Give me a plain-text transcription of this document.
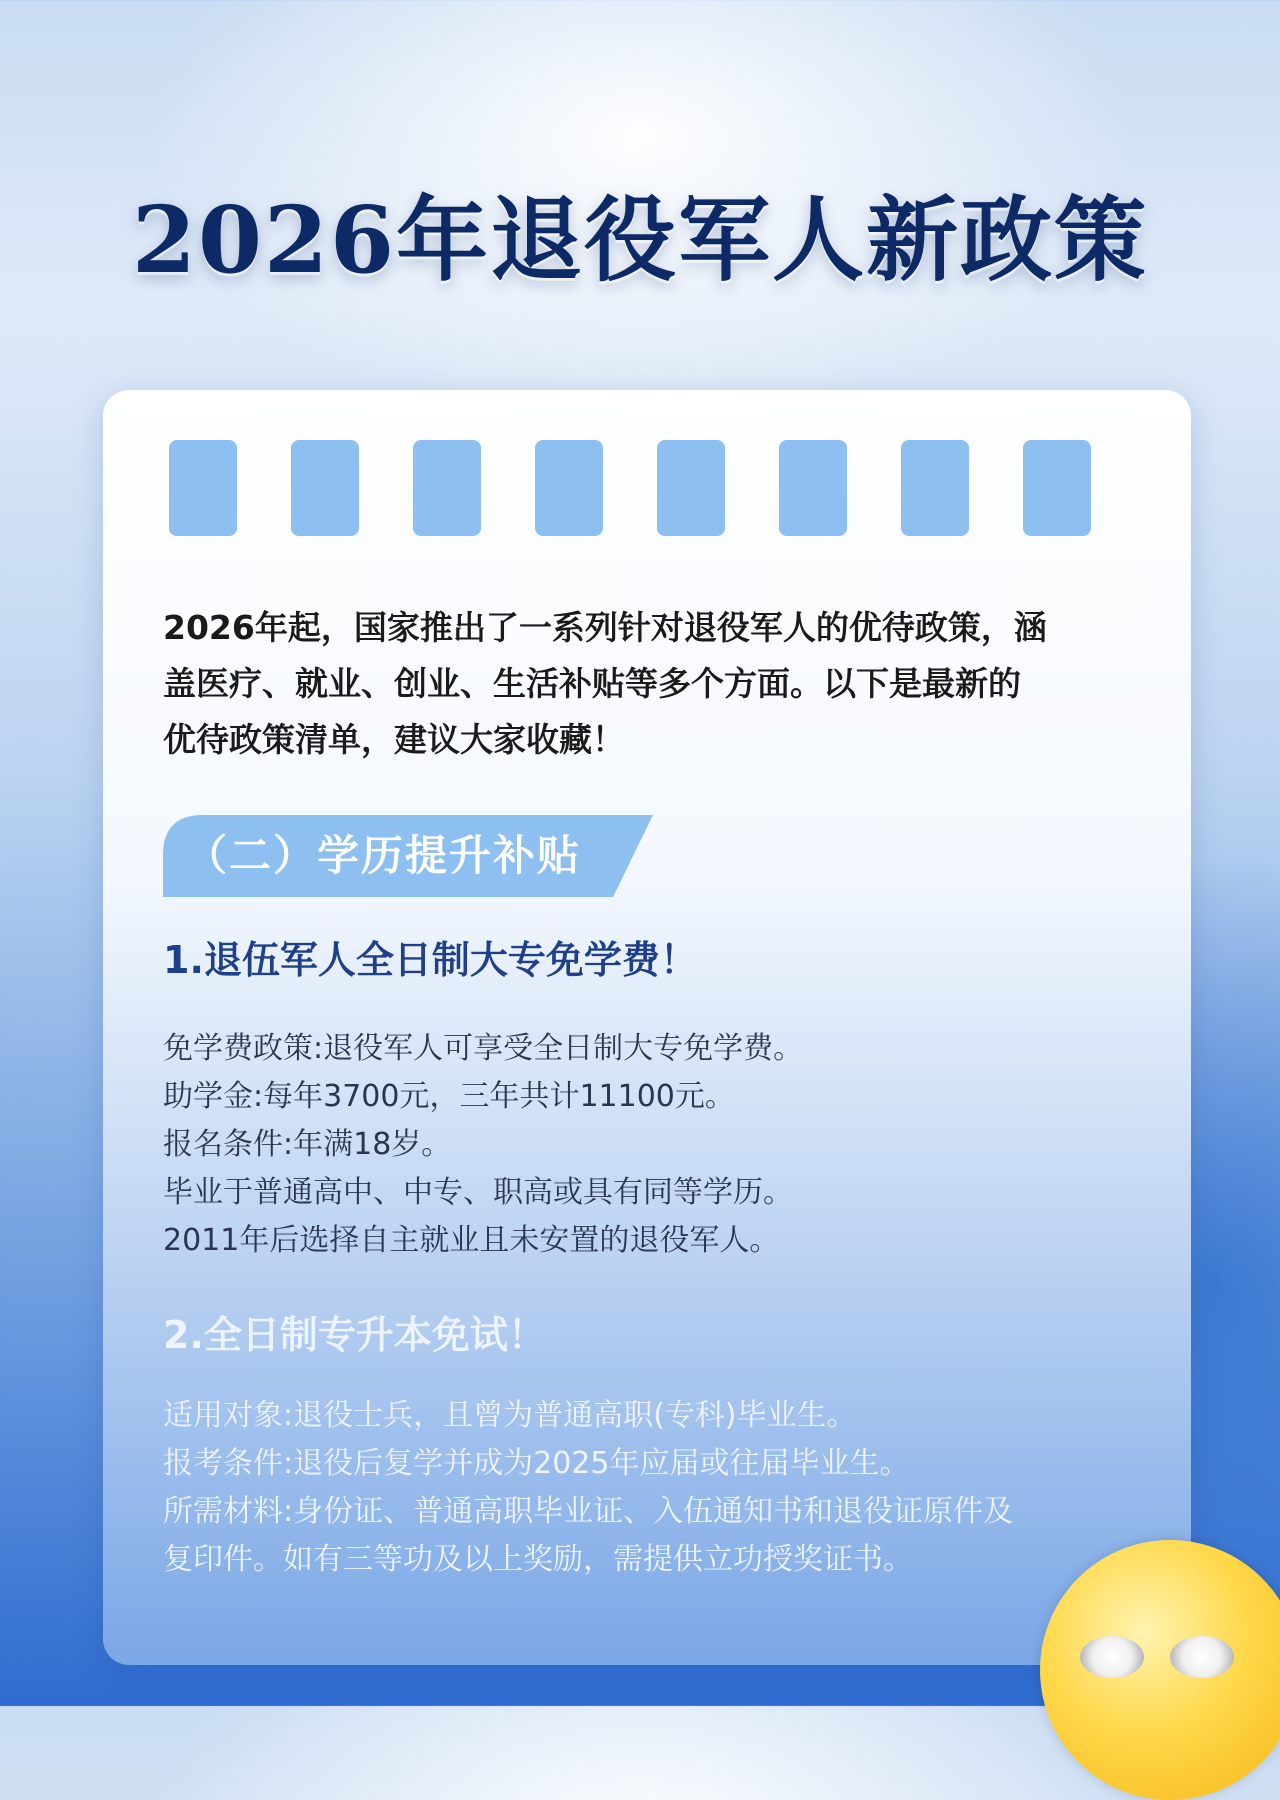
2026年退役军人新政策
2026年起，国家推出了一系列针对退役军人的优待政策，涵
盖医疗、就业、创业、生活补贴等多个方面。以下是最新的
优待政策清单，建议大家收藏！
（二）学历提升补贴
1.退伍军人全日制大专免学费！
免学费政策:退役军人可享受全日制大专免学费。
助学金:每年3700元，三年共计11100元。
报名条件:年满18岁。
毕业于普通高中、中专、职高或具有同等学历。
2011年后选择自主就业且未安置的退役军人。
2.全日制专升本免试！
适用对象:退役士兵，且曾为普通高职(专科)毕业生。
报考条件:退役后复学并成为2025年应届或往届毕业生。
所需材料:身份证、普通高职毕业证、入伍通知书和退役证原件及
复印件。如有三等功及以上奖励，需提供立功授奖证书。
